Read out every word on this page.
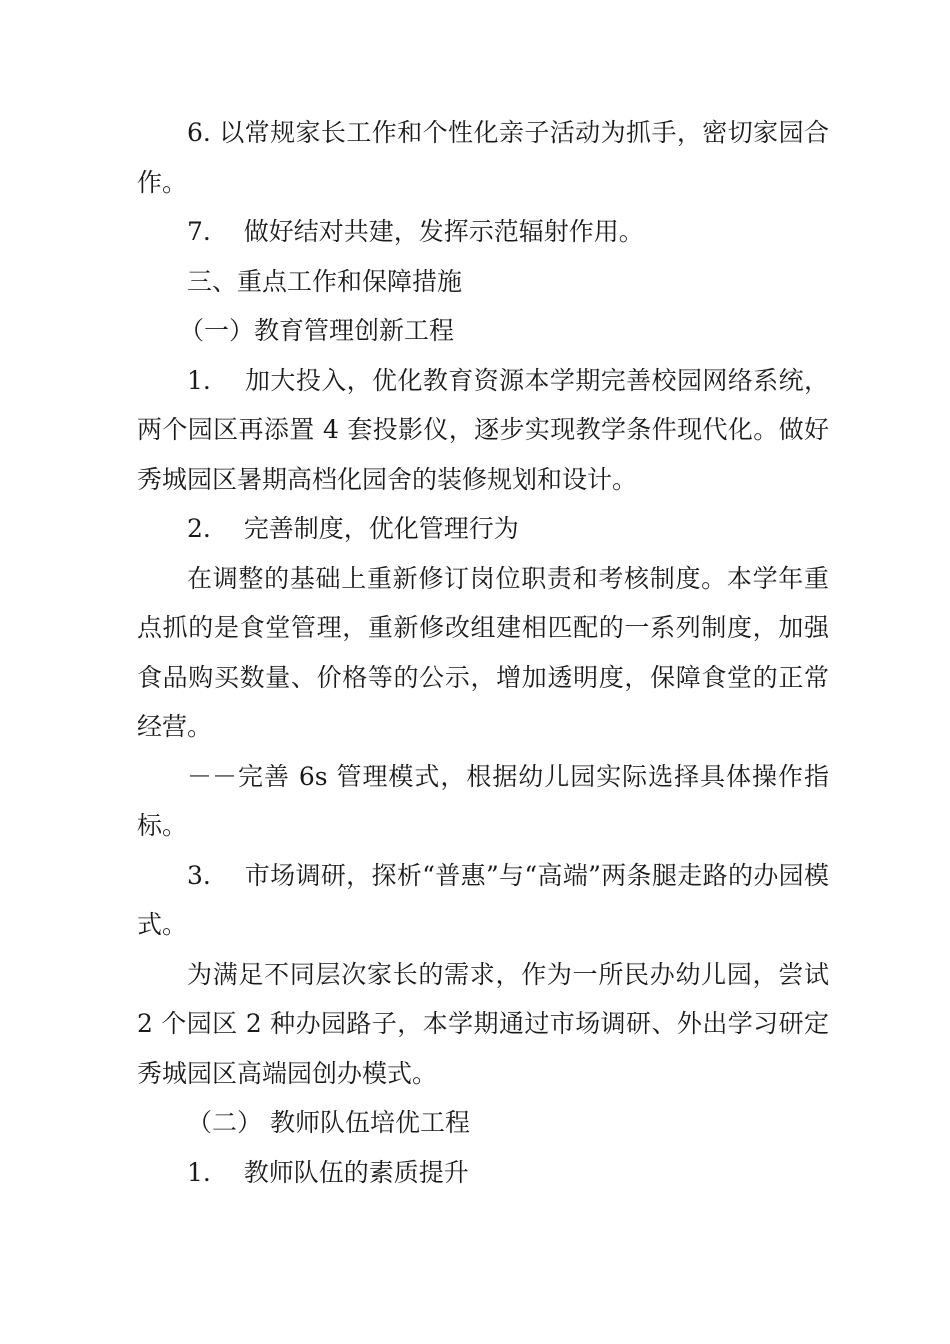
6. 以常规家长工作和个性化亲子活动为抓手，密切家园合作。

7.　 做好结对共建，发挥示范辐射作用。

三、重点工作和保障措施

（一）教育管理创新工程

1.　 加大投入，优化教育资源本学期完善校园网络系统，两个园区再添置 4 套投影仪，逐步实现教学条件现代化。做好秀城园区暑期高档化园舍的装修规划和设计。

2.　 完善制度，优化管理行为

在调整的基础上重新修订岗位职责和考核制度。本学年重点抓的是食堂管理，重新修改组建相匹配的一系列制度，加强食品购买数量、价格等的公示，增加透明度，保障食堂的正常经营。

－－完善 6s 管理模式，根据幼儿园实际选择具体操作指标。

3.　 市场调研，探析“普惠”与“高端”两条腿走路的办园模式。

为满足不同层次家长的需求，作为一所民办幼儿园，尝试 2 个园区 2 种办园路子，本学期通过市场调研、外出学习研定秀城园区高端园创办模式。

（二） 教师队伍培优工程

1.　 教师队伍的素质提升
